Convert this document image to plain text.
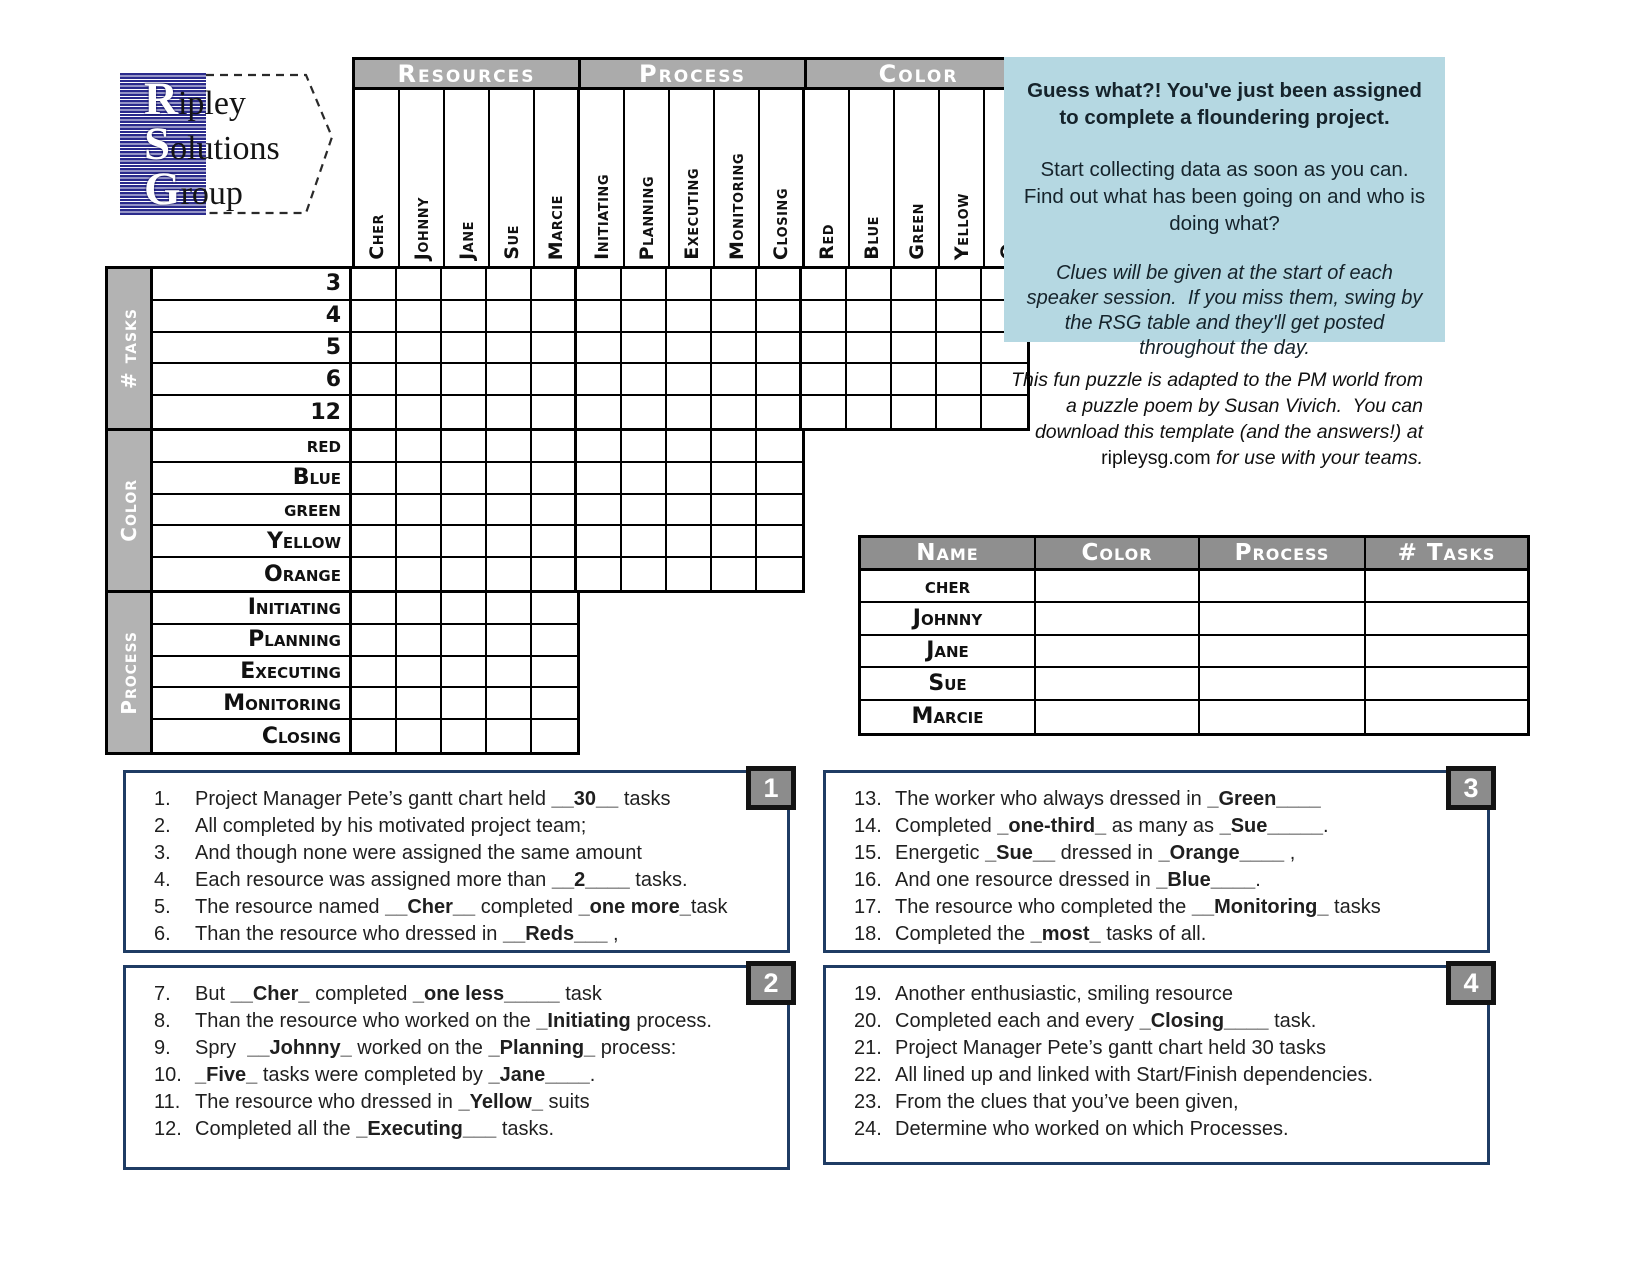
Ripley
Solutions
Group
Resources	Process	Color
Cher Johnny Jane Sue Marcie Initiating Planning Executing Monitoring Closing Red Blue Green Yellow
# tasks
3
4
5
6
12
Color
red
Blue
green
Yellow
Orange
Process
Initiating
Planning
Executing
Monitoring
Closing
Guess what?! You've just been assigned to complete a floundering project.
Start collecting data as soon as you can.  Find out what has been going on and who is doing what?
Clues will be given at the start of each speaker session.  If you miss them, swing by the RSG table and they'll get posted throughout the day.
This fun puzzle is adapted to the PM world from a puzzle poem by Susan Vivich.  You can download this template (and the answers!) at ripleysg.com for use with your teams.
Name	Color	Process	# Tasks
cher
Johnny
Jane
Sue
Marcie
1
1.	Project Manager Pete’s gantt chart held __30__ tasks
2.	All completed by his motivated project team;
3.	And though none were assigned the same amount
4.	Each resource was assigned more than __2____ tasks.
5.	The resource named __Cher__ completed _one more_task
6.	Than the resource who dressed in __Reds___ ,
2
7.	But __Cher_ completed _one less_____ task
8.	Than the resource who worked on the _Initiating process.
9.	Spry  __Johnny_ worked on the _Planning_ process:
10. _Five_ tasks were completed by _Jane____.
11. The resource who dressed in _Yellow_ suits
12. Completed all the _Executing___ tasks.
3
13. The worker who always dressed in _Green____
14. Completed _one-third_ as many as _Sue_____.
15. Energetic _Sue__ dressed in _Orange____ ,
16. And one resource dressed in _Blue____.
17. The resource who completed the __Monitoring_ tasks
18. Completed the _most_ tasks of all.
4
19. Another enthusiastic, smiling resource
20. Completed each and every _Closing____ task.
21. Project Manager Pete’s gantt chart held 30 tasks
22. All lined up and linked with Start/Finish dependencies.
23. From the clues that you’ve been given,
24. Determine who worked on which Processes.
